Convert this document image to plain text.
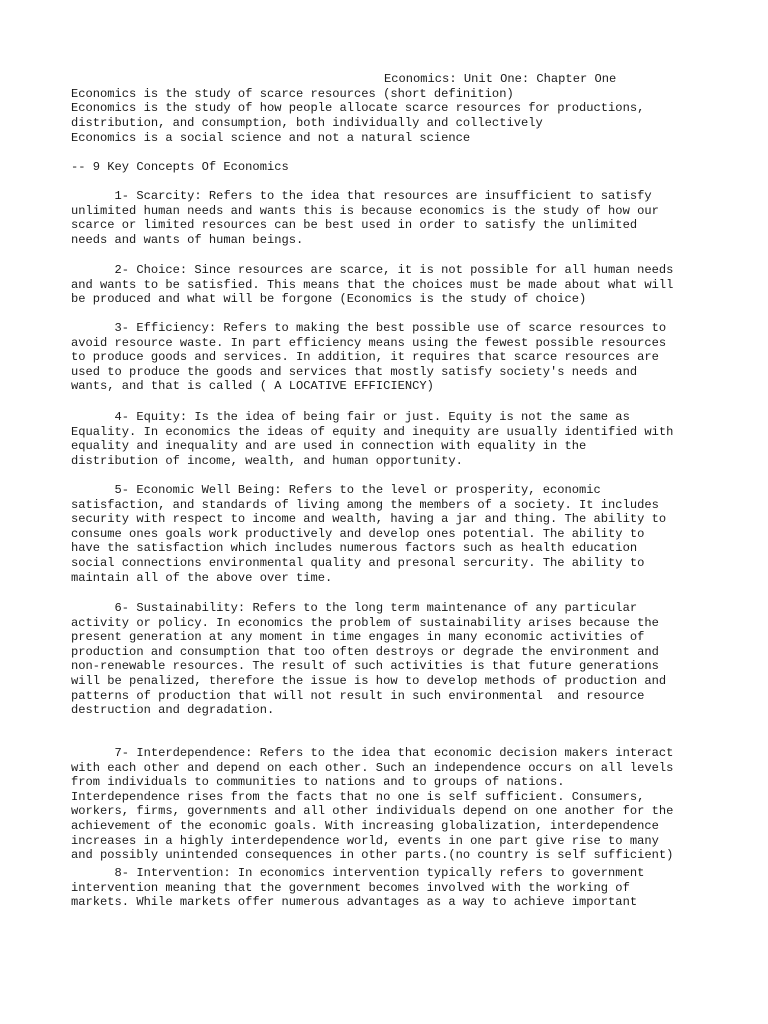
Economics: Unit One: Chapter One

Economics is the study of scarce resources (short definition)

Economics is the study of how people allocate scarce resources for productions,
distribution, and consumption, both individually and collectively

Economics is a social science and not a natural science

-- 9 Key Concepts Of Economics

1- Scarcity: Refers to the idea that resources are insufficient to satisfy
unlimited human needs and wants this is because economics is the study of how our
scarce or limited resources can be best used in order to satisfy the unlimited
needs and wants of human beings.

2- Choice: Since resources are scarce, it is not possible for all human needs
and wants to be satisfied. This means that the choices must be made about what will
be produced and what will be forgone (Economics is the study of choice)

3- Efficiency: Refers to making the best possible use of scarce resources to
avoid resource waste. In part efficiency means using the fewest possible resources
to produce goods and services. In addition, it requires that scarce resources are
used to produce the goods and services that mostly satisfy society's needs and
wants, and that is called ( A LOCATIVE EFFICIENCY)

4- Equity: Is the idea of being fair or just. Equity is not the same as
Equality. In economics the ideas of equity and inequity are usually identified with
equality and inequality and are used in connection with equality in the
distribution of income, wealth, and human opportunity.

5- Economic Well Being: Refers to the level or prosperity, economic
satisfaction, and standards of living among the members of a society. It includes
security with respect to income and wealth, having a jar and thing. The ability to
consume ones goals work productively and develop ones potential. The ability to
have the satisfaction which includes numerous factors such as health education
social connections environmental quality and presonal sercurity. The ability to
maintain all of the above over time.

6- Sustainability: Refers to the long term maintenance of any particular
activity or policy. In economics the problem of sustainability arises because the
present generation at any moment in time engages in many economic activities of
production and consumption that too often destroys or degrade the environment and
non-renewable resources. The result of such activities is that future generations
will be penalized, therefore the issue is how to develop methods of production and
patterns of production that will not result in such environmental  and resource
destruction and degradation.

7- Interdependence: Refers to the idea that economic decision makers interact
with each other and depend on each other. Such an independence occurs on all levels
from individuals to communities to nations and to groups of nations.
Interdependence rises from the facts that no one is self sufficient. Consumers,
workers, firms, governments and all other individuals depend on one another for the
achievement of the economic goals. With increasing globalization, interdependence
increases in a highly interdependence world, events in one part give rise to many
and possibly unintended consequences in other parts.(no country is self sufficient)

8- Intervention: In economics intervention typically refers to government
intervention meaning that the government becomes involved with the working of
markets. While markets offer numerous advantages as a way to achieve important
